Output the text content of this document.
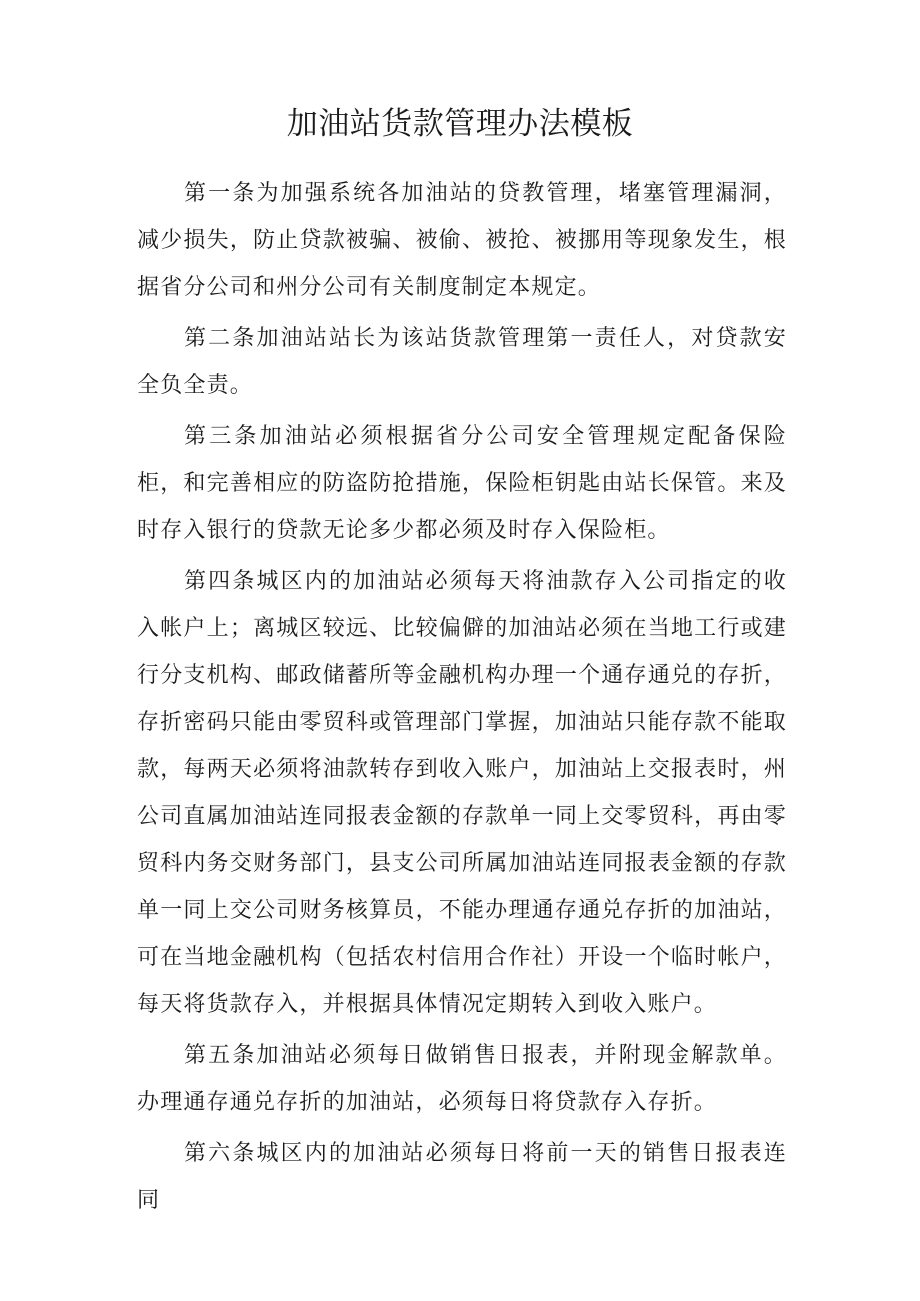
加油站货款管理办法模板

第一条为加强系统各加油站的贷教管理，堵塞管理漏洞，减少损失，防止贷款被骗、被偷、被抢、被挪用等现象发生，根据省分公司和州分公司有关制度制定本规定。

第二条加油站站长为该站货款管理第一责任人，对贷款安全负全责。

第三条加油站必须根据省分公司安全管理规定配备保险柜，和完善相应的防盗防抢措施，保险柜钥匙由站长保管。来及时存入银行的贷款无论多少都必须及时存入保险柜。

第四条城区内的加油站必须每天将油款存入公司指定的收入帐户上；离城区较远、比较偏僻的加油站必须在当地工行或建行分支机构、邮政储蓄所等金融机构办理一个通存通兑的存折，存折密码只能由零贸科或管理部门掌握，加油站只能存款不能取款，每两天必须将油款转存到收入账户，加油站上交报表时，州公司直属加油站连同报表金额的存款单一同上交零贸科，再由零贸科内务交财务部门，县支公司所属加油站连同报表金额的存款单一同上交公司财务核算员，不能办理通存通兑存折的加油站，可在当地金融机构（包括农村信用合作社）开设一个临时帐户，每天将货款存入，并根据具体情况定期转入到收入账户。

第五条加油站必须每日做销售日报表，并附现金解款单。办理通存通兑存折的加油站，必须每日将贷款存入存折。

第六条城区内的加油站必须每日将前一天的销售日报表连同
